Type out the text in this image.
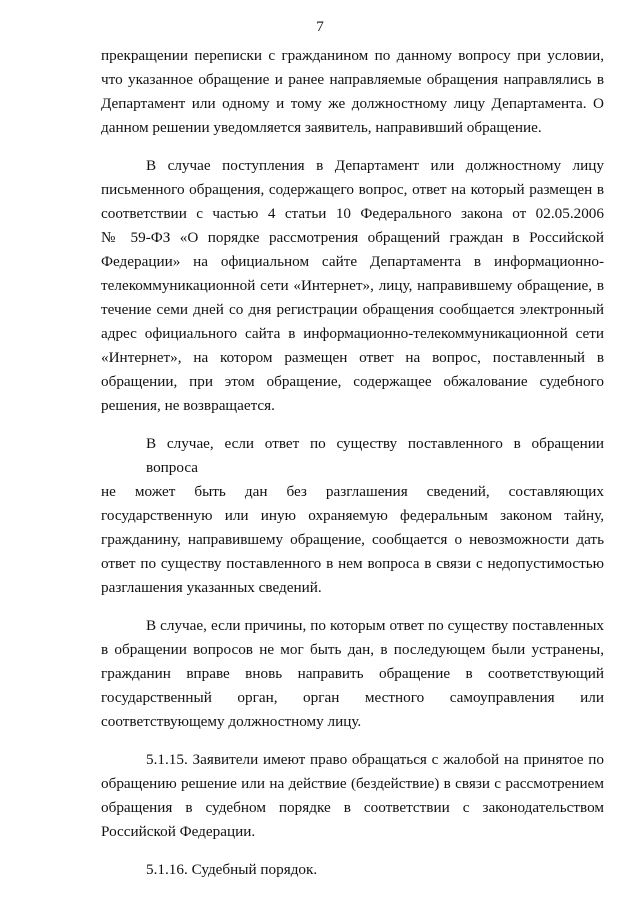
7
прекращении переписки с гражданином по данному вопросу при условии,
что указанное обращение и ранее направляемые обращения направлялись в
Департамент или одному и тому же должностному лицу Департамента. О
данном решении уведомляется заявитель, направивший обращение.
В случае поступления в Департамент или должностному лицу
письменного обращения, содержащего вопрос, ответ на который размещен в
соответствии с частью 4 статьи 10 Федерального закона от 02.05.2006
№ 59-ФЗ «О порядке рассмотрения обращений граждан в Российской
Федерации» на официальном сайте Департамента в информационно-
телекоммуникационной сети «Интернет», лицу, направившему обращение, в
течение семи дней со дня регистрации обращения сообщается электронный
адрес официального сайта в информационно-телекоммуникационной сети
«Интернет», на котором размещен ответ на вопрос, поставленный в
обращении, при этом обращение, содержащее обжалование судебного
решения, не возвращается.
В случае, если ответ по существу поставленного в обращении вопроса
не может быть дан без разглашения сведений, составляющих
государственную или иную охраняемую федеральным законом тайну,
гражданину, направившему обращение, сообщается о невозможности дать
ответ по существу поставленного в нем вопроса в связи с недопустимостью
разглашения указанных сведений.
В случае, если причины, по которым ответ по существу поставленных
в обращении вопросов не мог быть дан, в последующем были устранены,
гражданин вправе вновь направить обращение в соответствующий
государственный орган, орган местного самоуправления или
соответствующему должностному лицу.
5.1.15. Заявители имеют право обращаться с жалобой на принятое по
обращению решение или на действие (бездействие) в связи с рассмотрением
обращения в судебном порядке в соответствии с законодательством
Российской Федерации.
5.1.16. Судебный порядок.
